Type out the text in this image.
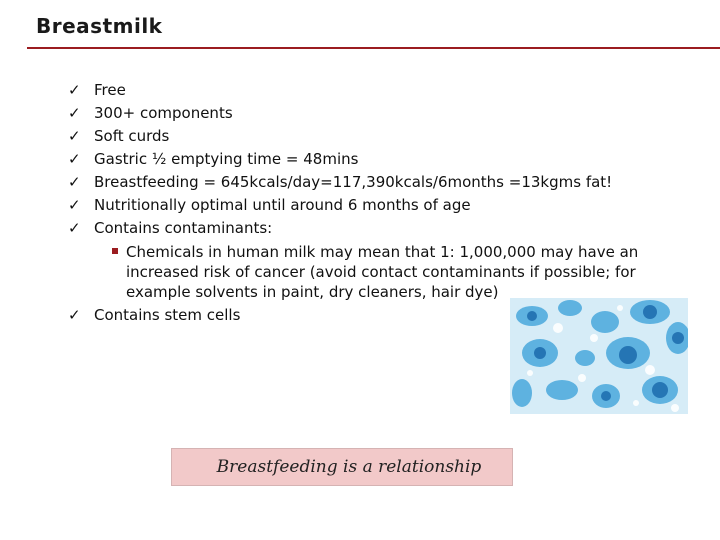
Breastmilk
✓ Free
✓ 300+ components
✓ Soft curds
✓ Gastric ½ emptying time = 48mins
✓ Breastfeeding = 645kcals/day=117,390kcals/6months =13kgms fat!
✓ Nutritionally optimal until around 6 months of age
✓ Contains contaminants:
Chemicals in human milk may mean that 1: 1,000,000 may have an increased risk of cancer (avoid contact contaminants if possible; for example solvents in paint, dry cleaners, hair dye)
✓ Contains stem cells
Breastfeeding is a relationship
